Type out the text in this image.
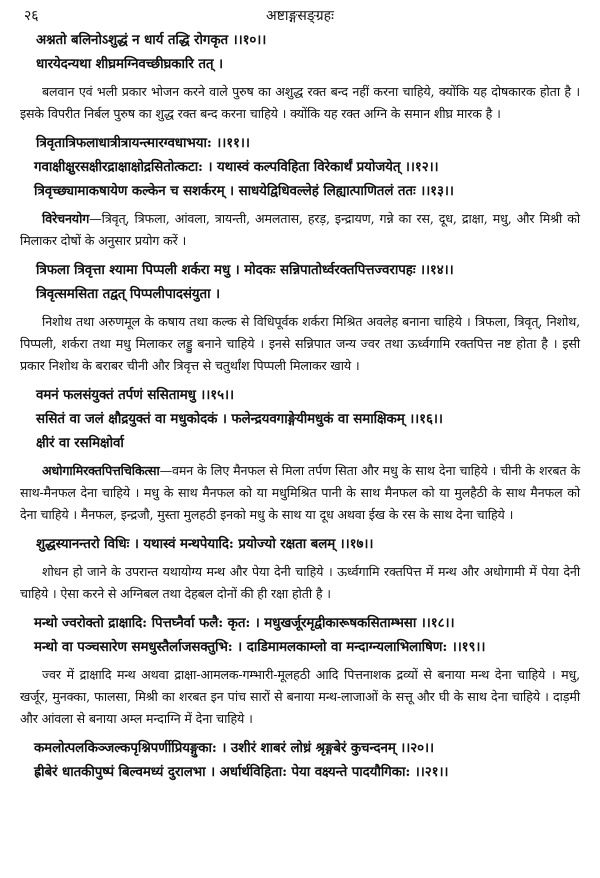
२६	अष्टाङ्गसङ्ग्रहः
अश्नतो बलिनोऽशुद्धं न धार्य तद्धि रोगकृत ।।१०।।
धारयेदन्यथा शीघ्रमग्निवच्छीघ्रकारि तत् ।
बलवान एवं भली प्रकार भोजन करने वाले पुरुष का अशुद्ध रक्त बन्द नहीं करना चाहिये, क्योंकि यह दोषकारक होता है । इसके विपरीत निर्बल पुरुष का शुद्ध रक्त बन्द करना चाहिये । क्योंकि यह रक्त अग्नि के समान शीघ्र मारक है ।
त्रिवृतात्रिफलाधात्रीत्रायन्त्मारग्वधाभया: ।।११।।
गवाक्षीक्षुरसक्षीरद्राक्षाक्षोद्रसितोत्कटा: । यथास्वं कल्पविहिता विरेकार्थं प्रयोजयेत् ।।१२।।
त्रिवृच्छ्यामाकषायेण कल्केन च सशर्करम् । साधयेद्विधिवल्लेहं लिह्यात्पाणितलं ततः ।।१३।।
विरेचनयोग—त्रिवृत्, त्रिफला, आंवला, त्रायन्ती, अमलतास, हरड़, इन्द्रायण, गन्ने का रस, दूध, द्राक्षा, मधु, और मिश्री को मिलाकर दोषों के अनुसार प्रयोग करें ।
त्रिफला त्रिवृत्ता श्यामा पिप्पली शर्करा मधु । मोदकः सन्निपातोर्ध्वरक्तपित्तज्वरापहः ।।१४।।
त्रिवृत्समसिता तद्वत् पिप्पलीपादसंयुता ।
निशोथ तथा अरुणमूल के कषाय तथा कल्क से विधिपूर्वक शर्करा मिश्रित अवलेह बनाना चाहिये । त्रिफला, त्रिवृत्, निशोथ, पिप्पली, शर्करा तथा मधु मिलाकर लड्डु बनाने चाहिये । इनसे सन्निपात जन्य ज्वर तथा ऊर्ध्वगामि रक्तपित्त नष्ट होता है । इसी प्रकार निशोथ के बराबर चीनी और त्रिवृत्त से चतुर्थांश पिप्पली मिलाकर खाये ।
वमनं फलसंयुक्तं तर्पणं ससितामधु ।।१५।।
ससितं वा जलं क्षौद्रयुक्तं वा मधुकोदकं । फलेन्द्रयवगाङ्गेयीमधुकं वा समाक्षिकम् ।।१६।।
क्षीरं वा रसमिक्षोर्वा
अधोगामिरक्तपित्तचिकित्सा—वमन के लिए मैनफल से मिला तर्पण सिता और मधु के साथ देना चाहिये । चीनी के शरबत के साथ-मैनफल देना चाहिये । मधु के साथ मैनफल को या मधुमिश्रित पानी के साथ मैनफल को या मुलहैठी के साथ मैनफल को देना चाहिये । मैनफल, इन्द्रजौ, मुस्ता मुलहठी इनको मधु के साथ या दूध अथवा ईख के रस के साथ देना चाहिये ।
शुद्धस्यानन्तरो विधिः । यथास्वं मन्थपेयादि: प्रयोज्यो रक्षता बलम् ।।१७।।
शोधन हो जाने के उपरान्त यथायोग्य मन्थ और पेया देनी चाहिये । ऊर्ध्वगामि रक्तपित्त में मन्थ और अधोगामी में पेया देनी चाहिये । ऐसा करने से अग्निबल तथा देहबल दोनों की ही रक्षा होती है ।
मन्थो ज्वरोक्तो द्राक्षादि: पित्तघ्नैर्वा फलै: कृत: । मधुखर्जूरमृद्वीकारूषकसिताम्भसा ।।१८।।
मन्थो वा पञ्चसारेण समधुस्तैर्लाजसक्तुभि: । दाडिमामलकाम्लो वा मन्दाग्न्यलाभिलाषिण: ।।१९।।
ज्वर में द्राक्षादि मन्थ अथवा द्राक्षा-आमलक-गम्भारी-मूलहठी आदि पित्तनाशक द्रव्यों से बनाया मन्थ देना चाहिये । मधु, खर्जूर, मुनक्का, फालसा, मिश्री का शरबत इन पांच सारों से बनाया मन्थ-लाजाओं के सत्तू और घी के साथ देना चाहिये । दाड़मी और आंवला से बनाया अम्ल मन्दाग्नि में देना चाहिये ।
कमलोत्पलकिञ्जल्कपृश्निपर्णीप्रियङ्गुका: । उशीरं शाबरं लोध्रं श्रृङ्गबेरं कुचन्दनम् ।।२०।।
ह्रीबेरं धातकीपुष्पं बिल्वमध्यं दुरालभा । अर्धार्थविहिता: पेया वक्ष्यन्ते पादयौगिका: ।।२१।।
